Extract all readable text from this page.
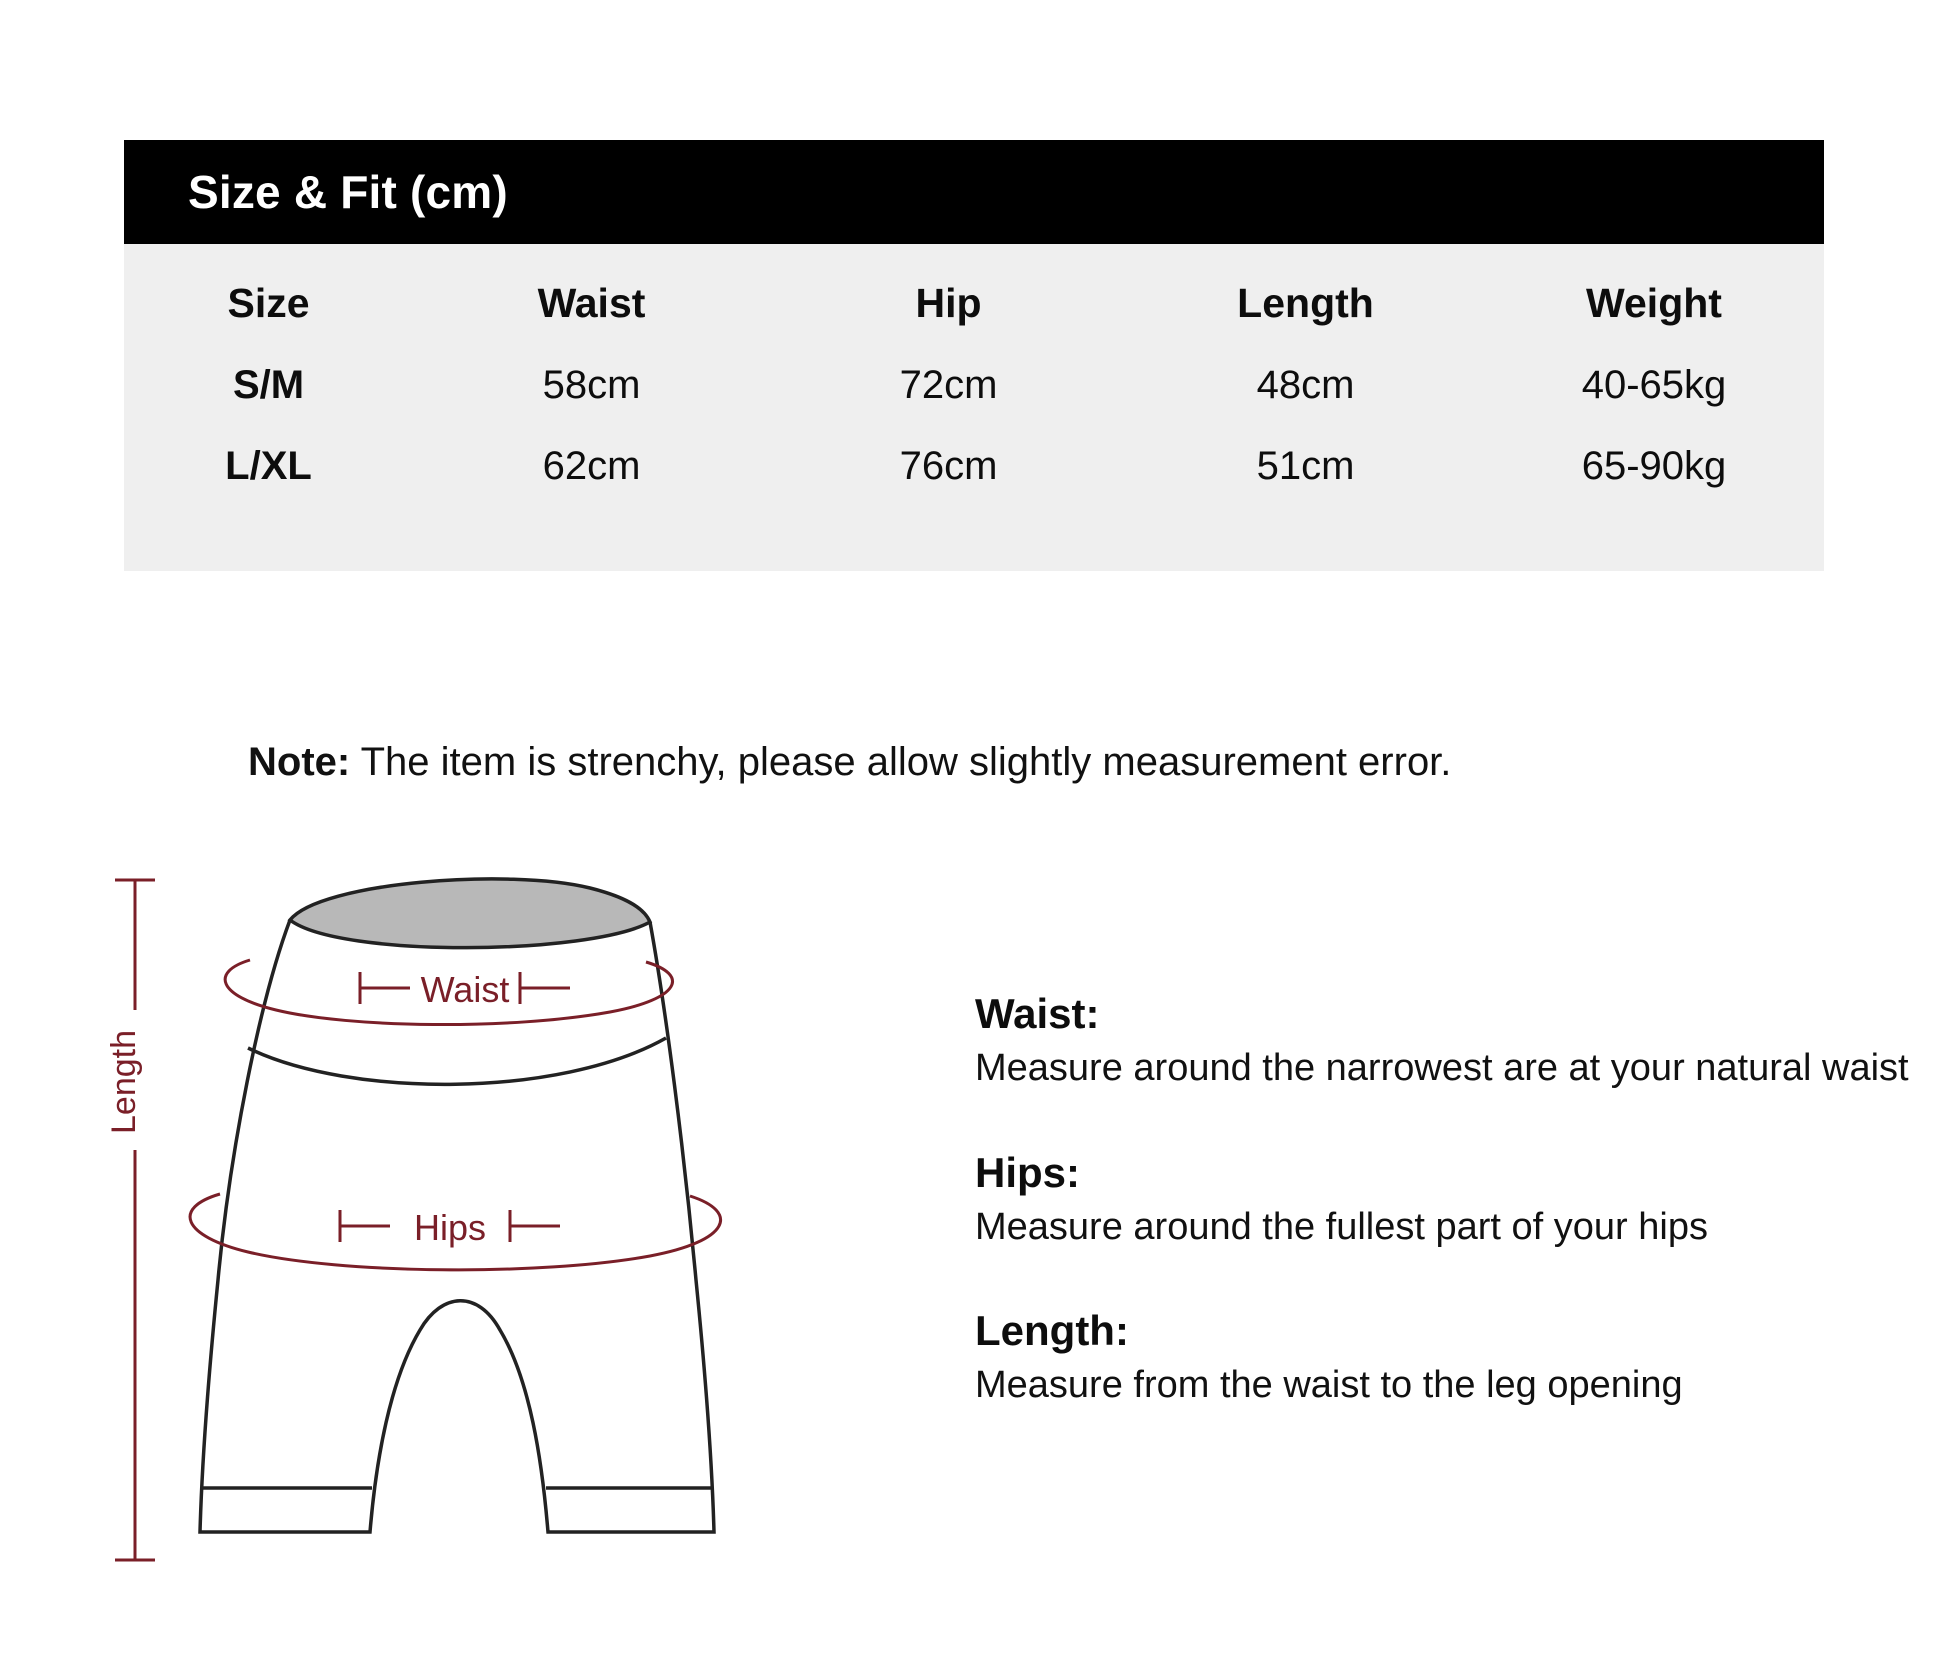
Size & Fit (cm)
Size	Waist	Hip	Length	Weight
S/M	58cm	72cm	48cm	40-65kg
L/XL	62cm	76cm	51cm	65-90kg
Note: The item is strenchy, please allow slightly measurement error.
Length
Waist
Hips
Waist:
Measure around the narrowest are at your natural waist
Hips:
Measure around the fullest part of your hips
Length:
Measure from the waist to the leg opening
